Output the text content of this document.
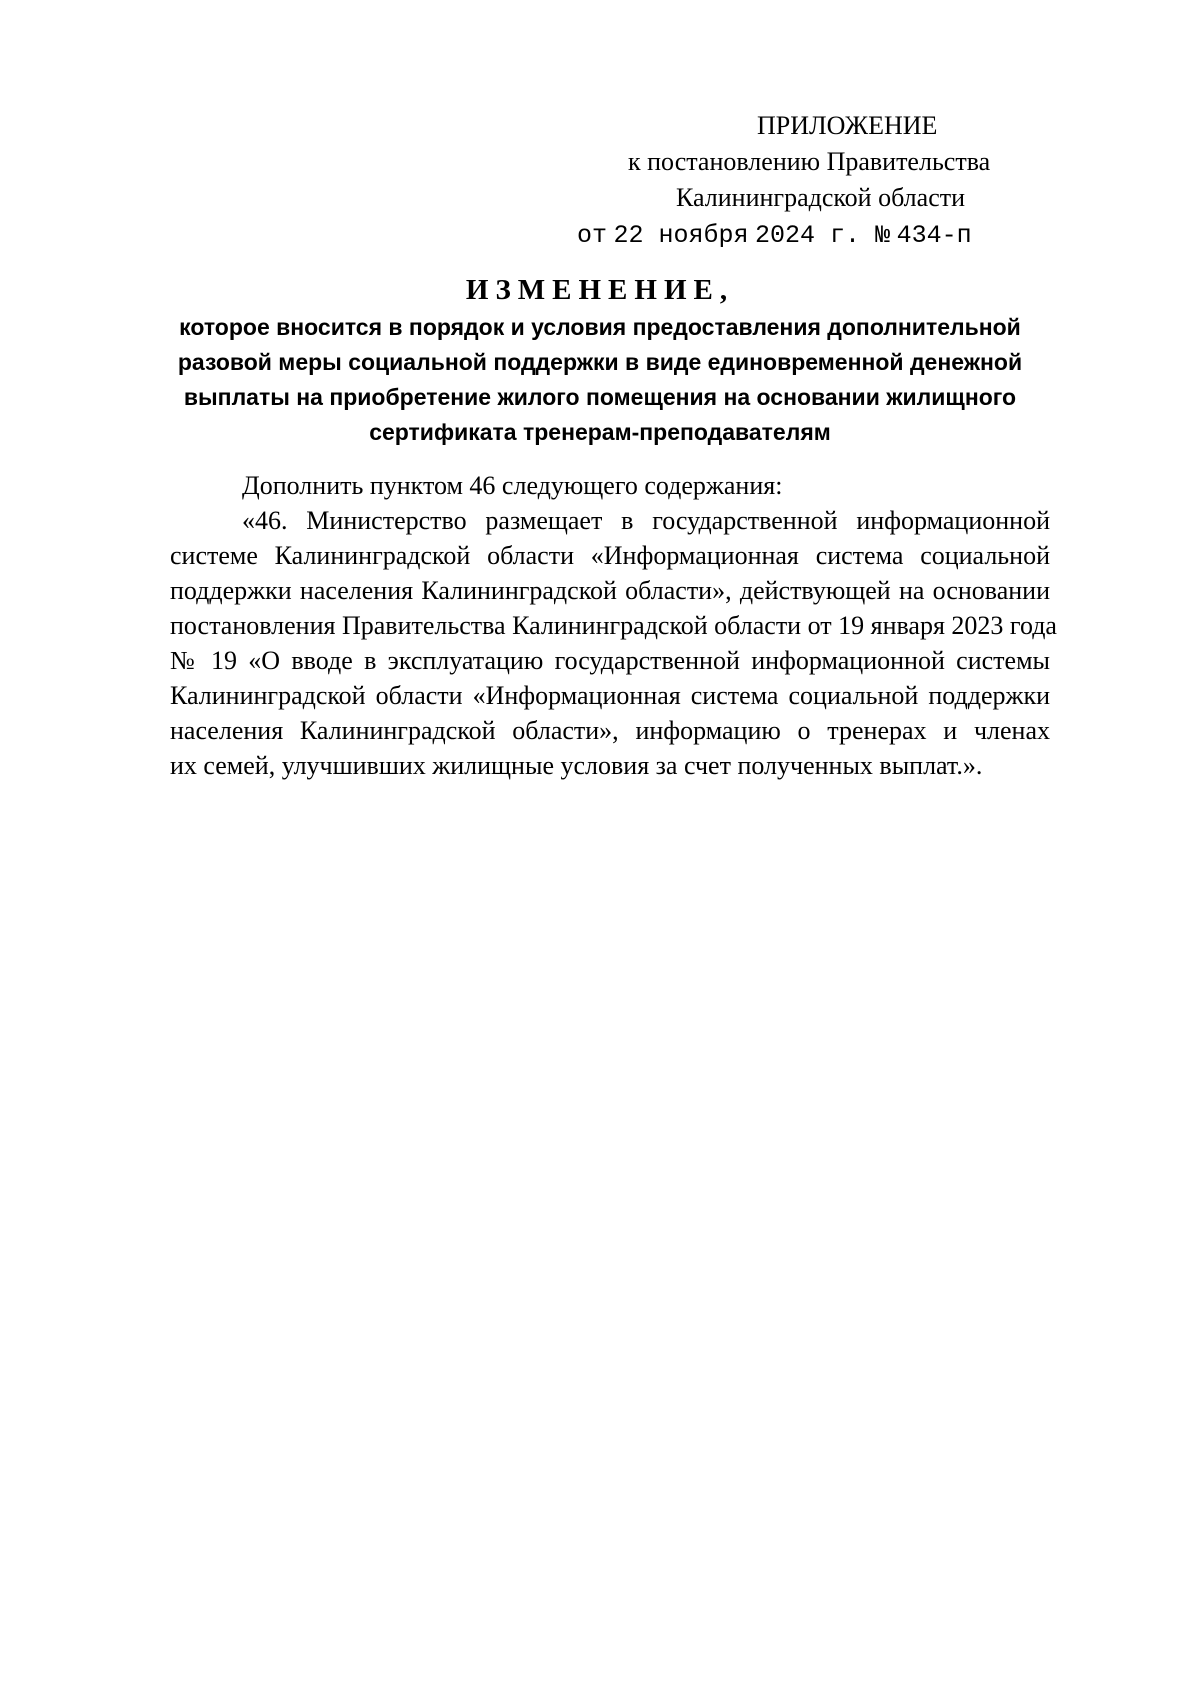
ПРИЛОЖЕНИЕ
к постановлению Правительства
Калининградской области
от 22 ноября 2024 г. № 434-п
ИЗМЕНЕНИЕ,
которое вносится в порядок и условия предоставления дополнительной
разовой меры социальной поддержки в виде единовременной денежной
выплаты на приобретение жилого помещения на основании жилищного
сертификата тренерам-преподавателям

Дополнить пунктом 46 следующего содержания:

«46. Министерство размещает в государственной информационной
системе Калининградской области «Информационная система социальной
поддержки населения Калининградской области», действующей на основании
постановления Правительства Калининградской области от 19 января 2023 года
№ 19 «О вводе в эксплуатацию государственной информационной системы
Калининградской области «Информационная система социальной поддержки
населения Калининградской области», информацию о тренерах и членах
их семей, улучшивших жилищные условия за счет полученных выплат.».
